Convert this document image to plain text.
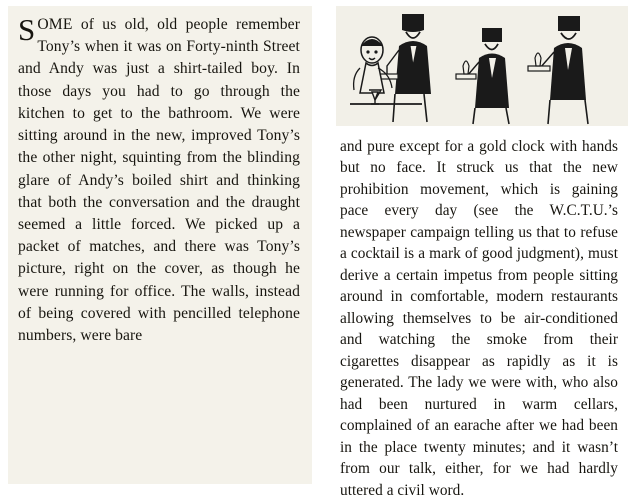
SOME of us old, old people remember Tony’s when it was on Forty-ninth Street and Andy was just a shirt-tailed boy. In those days you had to go through the kitchen to get to the bathroom. We were sitting around in the new, improved Tony’s the other night, squinting from the blinding glare of Andy’s boiled shirt and thinking that both the conversation and the draught seemed a little forced. We picked up a packet of matches, and there was Tony’s picture, right on the cover, as though he were running for office. The walls, instead of being covered with pencilled telephone numbers, were bare

and pure except for a gold clock with hands but no face. It struck us that the new prohibition movement, which is gaining pace every day (see the W.C.T.U.’s newspaper campaign telling us that to refuse a cocktail is a mark of good judgment), must derive a certain impetus from people sitting around in comfortable, modern restaurants allowing themselves to be air-conditioned and watching the smoke from their cigarettes disappear as rapidly as it is generated. The lady we were with, who also had been nurtured in warm cellars, complained of an earache after we had been in the place twenty minutes; and it wasn’t from our talk, either, for we had hardly uttered a civil word.
